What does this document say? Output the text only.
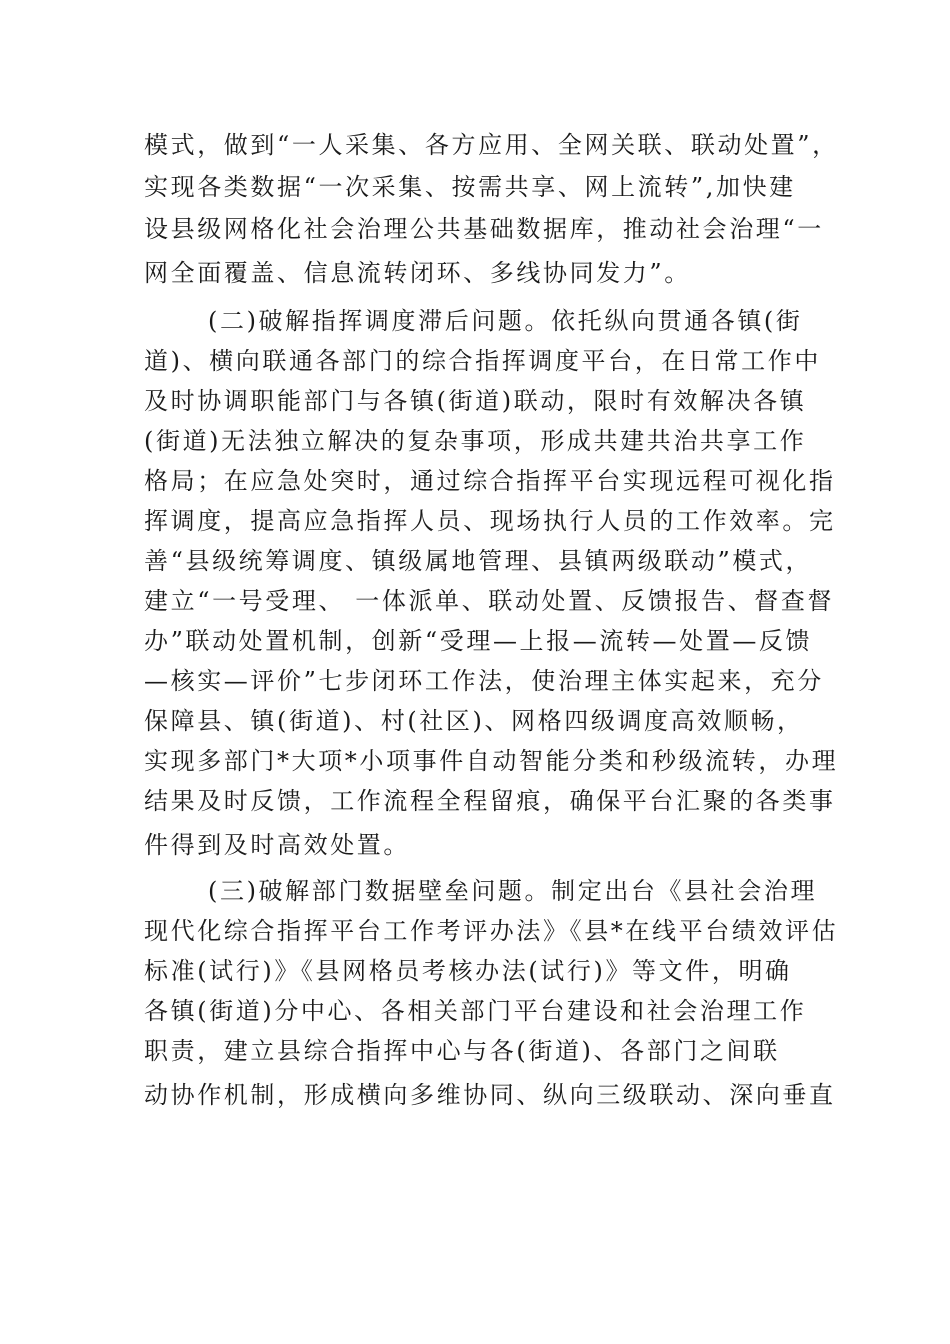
模式，做到“一人采集、各方应用、全网关联、联动处置”，
实现各类数据“一次采集、按需共享、网上流转”,加快建
设县级网格化社会治理公共基础数据库，推动社会治理“一
网全面覆盖、信息流转闭环、多线协同发力”。
(二)破解指挥调度滞后问题。依托纵向贯通各镇(街
道)、横向联通各部门的综合指挥调度平台，在日常工作中
及时协调职能部门与各镇(街道)联动，限时有效解决各镇
(街道)无法独立解决的复杂事项，形成共建共治共享工作
格局；在应急处突时，通过综合指挥平台实现远程可视化指
挥调度，提高应急指挥人员、现场执行人员的工作效率。完
善“县级统筹调度、镇级属地管理、县镇两级联动”模式，
建立“一号受理、 一体派单、联动处置、反馈报告、督查督
办”联动处置机制，创新“受理—上报—流转—处置—反馈
—核实—评价”七步闭环工作法，使治理主体实起来，充分
保障县、镇(街道)、村(社区)、网格四级调度高效顺畅，
实现多部门*大项*小项事件自动智能分类和秒级流转，办理
结果及时反馈，工作流程全程留痕，确保平台汇聚的各类事
件得到及时高效处置。
(三)破解部门数据壁垒问题。制定出台《县社会治理
现代化综合指挥平台工作考评办法》《县*在线平台绩效评估
标准(试行)》《县网格员考核办法(试行)》等文件，明确
各镇(街道)分中心、各相关部门平台建设和社会治理工作
职责，建立县综合指挥中心与各(街道)、各部门之间联
动协作机制，形成横向多维协同、纵向三级联动、深向垂直
